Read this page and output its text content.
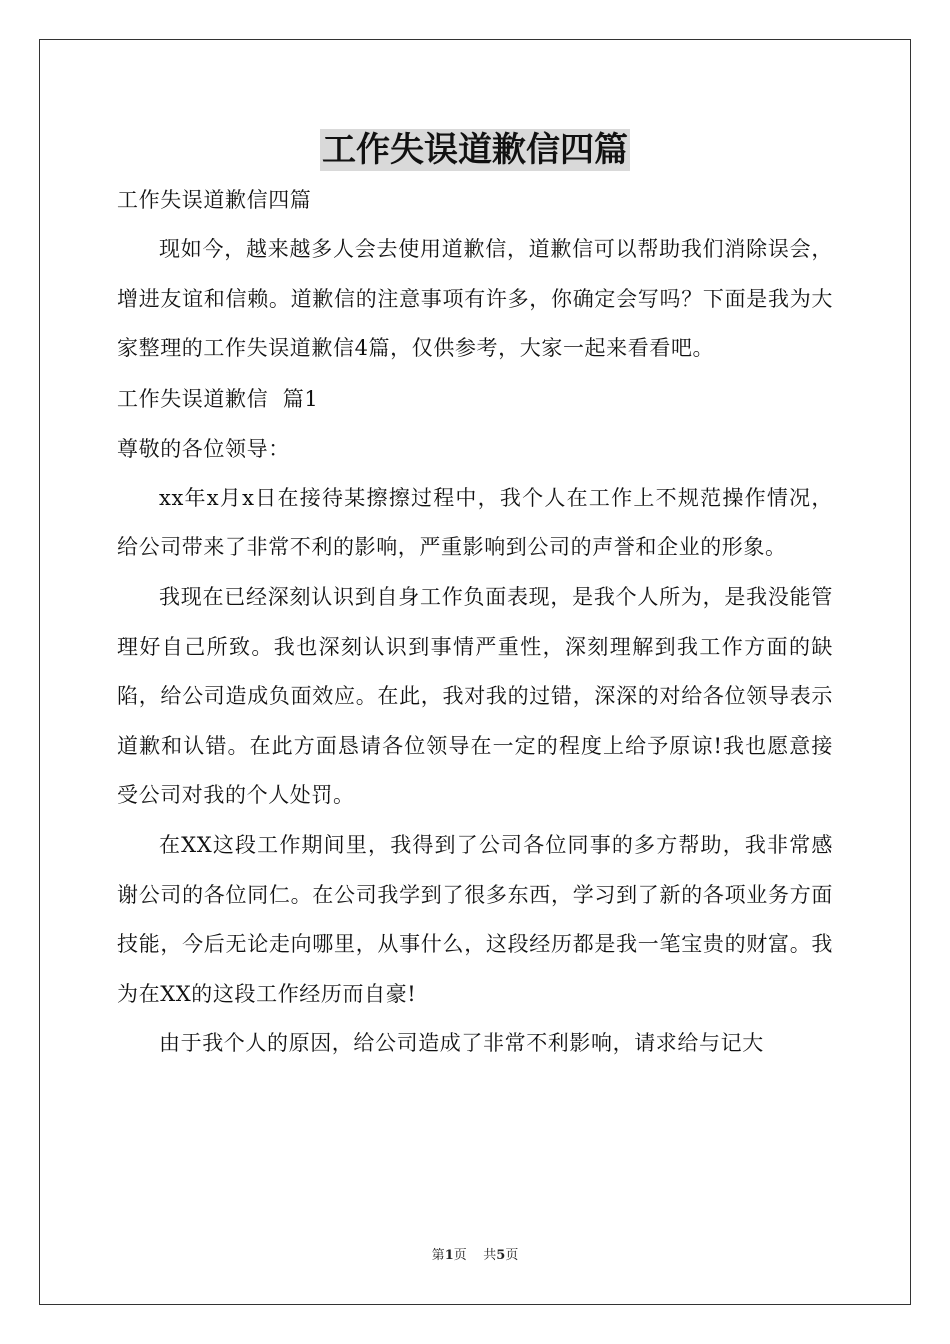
工作失误道歉信四篇
工作失误道歉信四篇

现如今，越来越多人会去使用道歉信，道歉信可以帮助我们消除误会，增进友谊和信赖。道歉信的注意事项有许多，你确定会写吗？下面是我为大家整理的工作失误道歉信4篇，仅供参考，大家一起来看看吧。

工作失误道歉信  篇1
尊敬的各位领导：

xx年x月x日在接待某擦擦过程中，我个人在工作上不规范操作情况，给公司带来了非常不利的影响，严重影响到公司的声誉和企业的形象。

我现在已经深刻认识到自身工作负面表现，是我个人所为，是我没能管理好自己所致。我也深刻认识到事情严重性，深刻理解到我工作方面的缺陷，给公司造成负面效应。在此，我对我的过错，深深的对给各位领导表示道歉和认错。在此方面恳请各位领导在一定的程度上给予原谅!我也愿意接受公司对我的个人处罚。

在XX这段工作期间里，我得到了公司各位同事的多方帮助，我非常感谢公司的各位同仁。在公司我学到了很多东西，学习到了新的各项业务方面技能，今后无论走向哪里，从事什么，这段经历都是我一笔宝贵的财富。我为在XX的这段工作经历而自豪!

由于我个人的原因，给公司造成了非常不利影响，请求给与记大

第1页    共5页
